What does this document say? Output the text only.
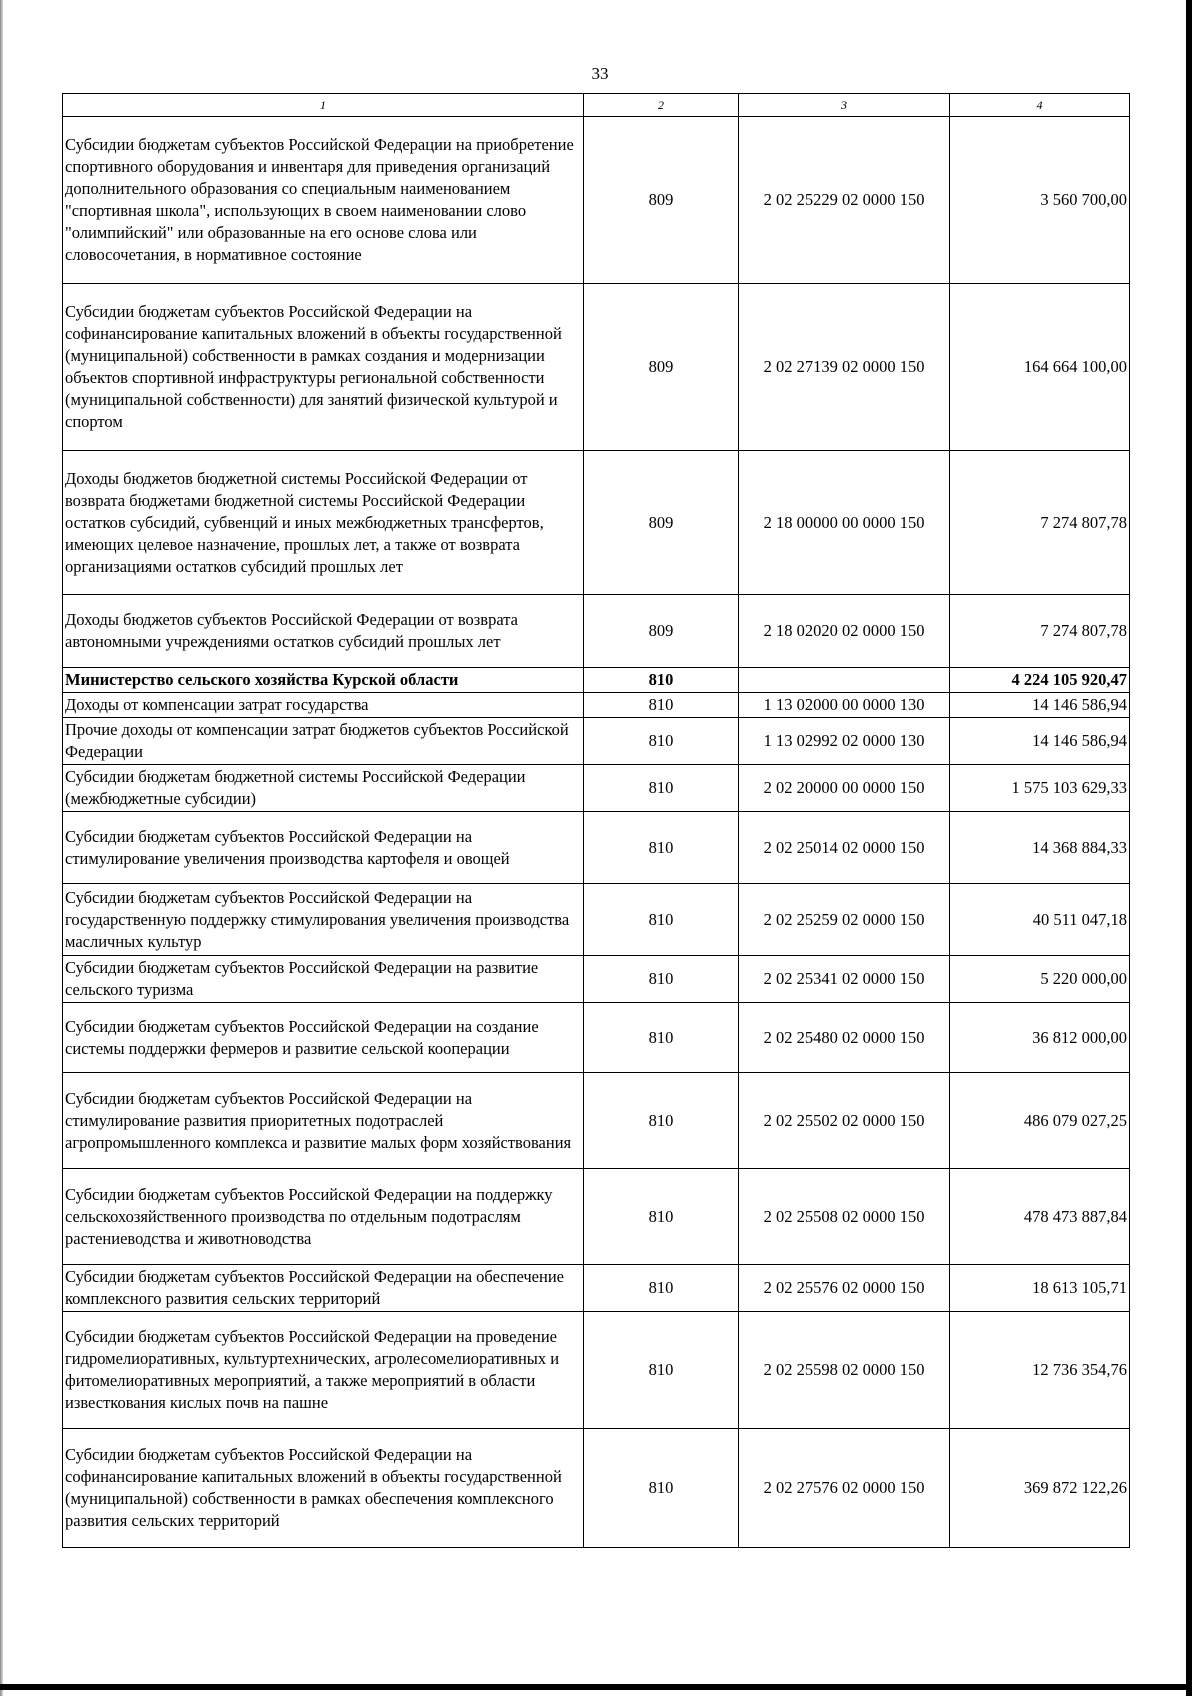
33
1	2	3	4
Субсидии бюджетам субъектов Российской Федерации на приобретение спортивного оборудования и инвентаря для приведения организаций дополнительного образования со специальным наименованием "спортивная школа", использующих в своем наименовании слово "олимпийский" или образованные на его основе слова или словосочетания, в нормативное состояние	809	2 02 25229 02 0000 150	3 560 700,00
Субсидии бюджетам субъектов Российской Федерации на софинансирование капитальных вложений в объекты государственной (муниципальной) собственности в рамках создания и модернизации объектов спортивной инфраструктуры региональной собственности (муниципальной собственности) для занятий физической культурой и спортом	809	2 02 27139 02 0000 150	164 664 100,00
Доходы бюджетов бюджетной системы Российской Федерации от возврата бюджетами бюджетной системы Российской Федерации остатков субсидий, субвенций и иных межбюджетных трансфертов, имеющих целевое назначение, прошлых лет, а также от возврата организациями остатков субсидий прошлых лет	809	2 18 00000 00 0000 150	7 274 807,78
Доходы бюджетов субъектов Российской Федерации от возврата автономными учреждениями остатков субсидий прошлых лет	809	2 18 02020 02 0000 150	7 274 807,78
Министерство сельского хозяйства Курской области	810		4 224 105 920,47
Доходы от компенсации затрат государства	810	1 13 02000 00 0000 130	14 146 586,94
Прочие доходы от компенсации затрат бюджетов субъектов Российской Федерации	810	1 13 02992 02 0000 130	14 146 586,94
Субсидии бюджетам бюджетной системы Российской Федерации (межбюджетные субсидии)	810	2 02 20000 00 0000 150	1 575 103 629,33
Субсидии бюджетам субъектов Российской Федерации на стимулирование увеличения производства картофеля и овощей	810	2 02 25014 02 0000 150	14 368 884,33
Субсидии бюджетам субъектов Российской Федерации на государственную поддержку стимулирования увеличения производства масличных культур	810	2 02 25259 02 0000 150	40 511 047,18
Субсидии бюджетам субъектов Российской Федерации на развитие сельского туризма	810	2 02 25341 02 0000 150	5 220 000,00
Субсидии бюджетам субъектов Российской Федерации на создание системы поддержки фермеров и развитие сельской кооперации	810	2 02 25480 02 0000 150	36 812 000,00
Субсидии бюджетам субъектов Российской Федерации на стимулирование развития приоритетных подотраслей агропромышленного комплекса и развитие малых форм хозяйствования	810	2 02 25502 02 0000 150	486 079 027,25
Субсидии бюджетам субъектов Российской Федерации на поддержку сельскохозяйственного производства по отдельным подотраслям растениеводства и животноводства	810	2 02 25508 02 0000 150	478 473 887,84
Субсидии бюджетам субъектов Российской Федерации на обеспечение комплексного развития сельских территорий	810	2 02 25576 02 0000 150	18 613 105,71
Субсидии бюджетам субъектов Российской Федерации на проведение гидромелиоративных, культуртехнических, агролесомелиоративных и фитомелиоративных мероприятий, а также мероприятий в области известкования кислых почв на пашне	810	2 02 25598 02 0000 150	12 736 354,76
Субсидии бюджетам субъектов Российской Федерации на софинансирование капитальных вложений в объекты государственной (муниципальной) собственности в рамках обеспечения комплексного развития сельских территорий	810	2 02 27576 02 0000 150	369 872 122,26
